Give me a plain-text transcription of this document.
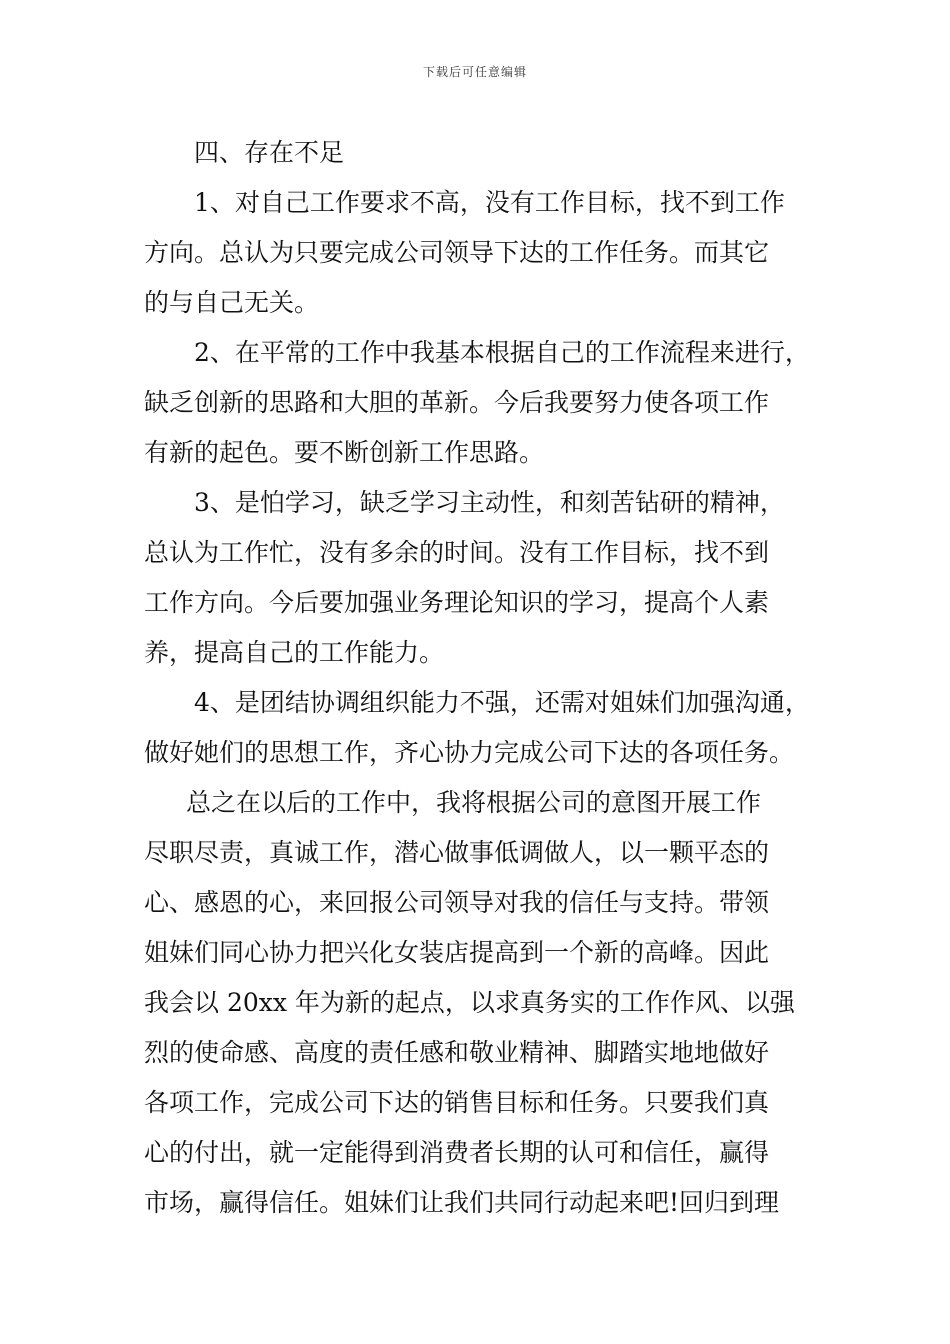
下载后可任意编辑
四、存在不足
1、对自己工作要求不高，没有工作目标，找不到工作
方向。总认为只要完成公司领导下达的工作任务。而其它
的与自己无关。
2、在平常的工作中我基本根据自己的工作流程来进行，
缺乏创新的思路和大胆的革新。今后我要努力使各项工作
有新的起色。要不断创新工作思路。
3、是怕学习，缺乏学习主动性，和刻苦钻研的精神，
总认为工作忙，没有多余的时间。没有工作目标，找不到
工作方向。今后要加强业务理论知识的学习，提高个人素
养，提高自己的工作能力。
4、是团结协调组织能力不强，还需对姐妹们加强沟通，
做好她们的思想工作，齐心协力完成公司下达的各项任务。
总之在以后的工作中，我将根据公司的意图开展工作
尽职尽责，真诚工作，潜心做事低调做人，以一颗平态的
心、感恩的心，来回报公司领导对我的信任与支持。带领
姐妹们同心协力把兴化女装店提高到一个新的高峰。因此
我会以 20xx 年为新的起点，以求真务实的工作作风、以强
烈的使命感、高度的责任感和敬业精神、脚踏实地地做好
各项工作，完成公司下达的销售目标和任务。只要我们真
心的付出，就一定能得到消费者长期的认可和信任，赢得
市场，赢得信任。姐妹们让我们共同行动起来吧!回归到理
